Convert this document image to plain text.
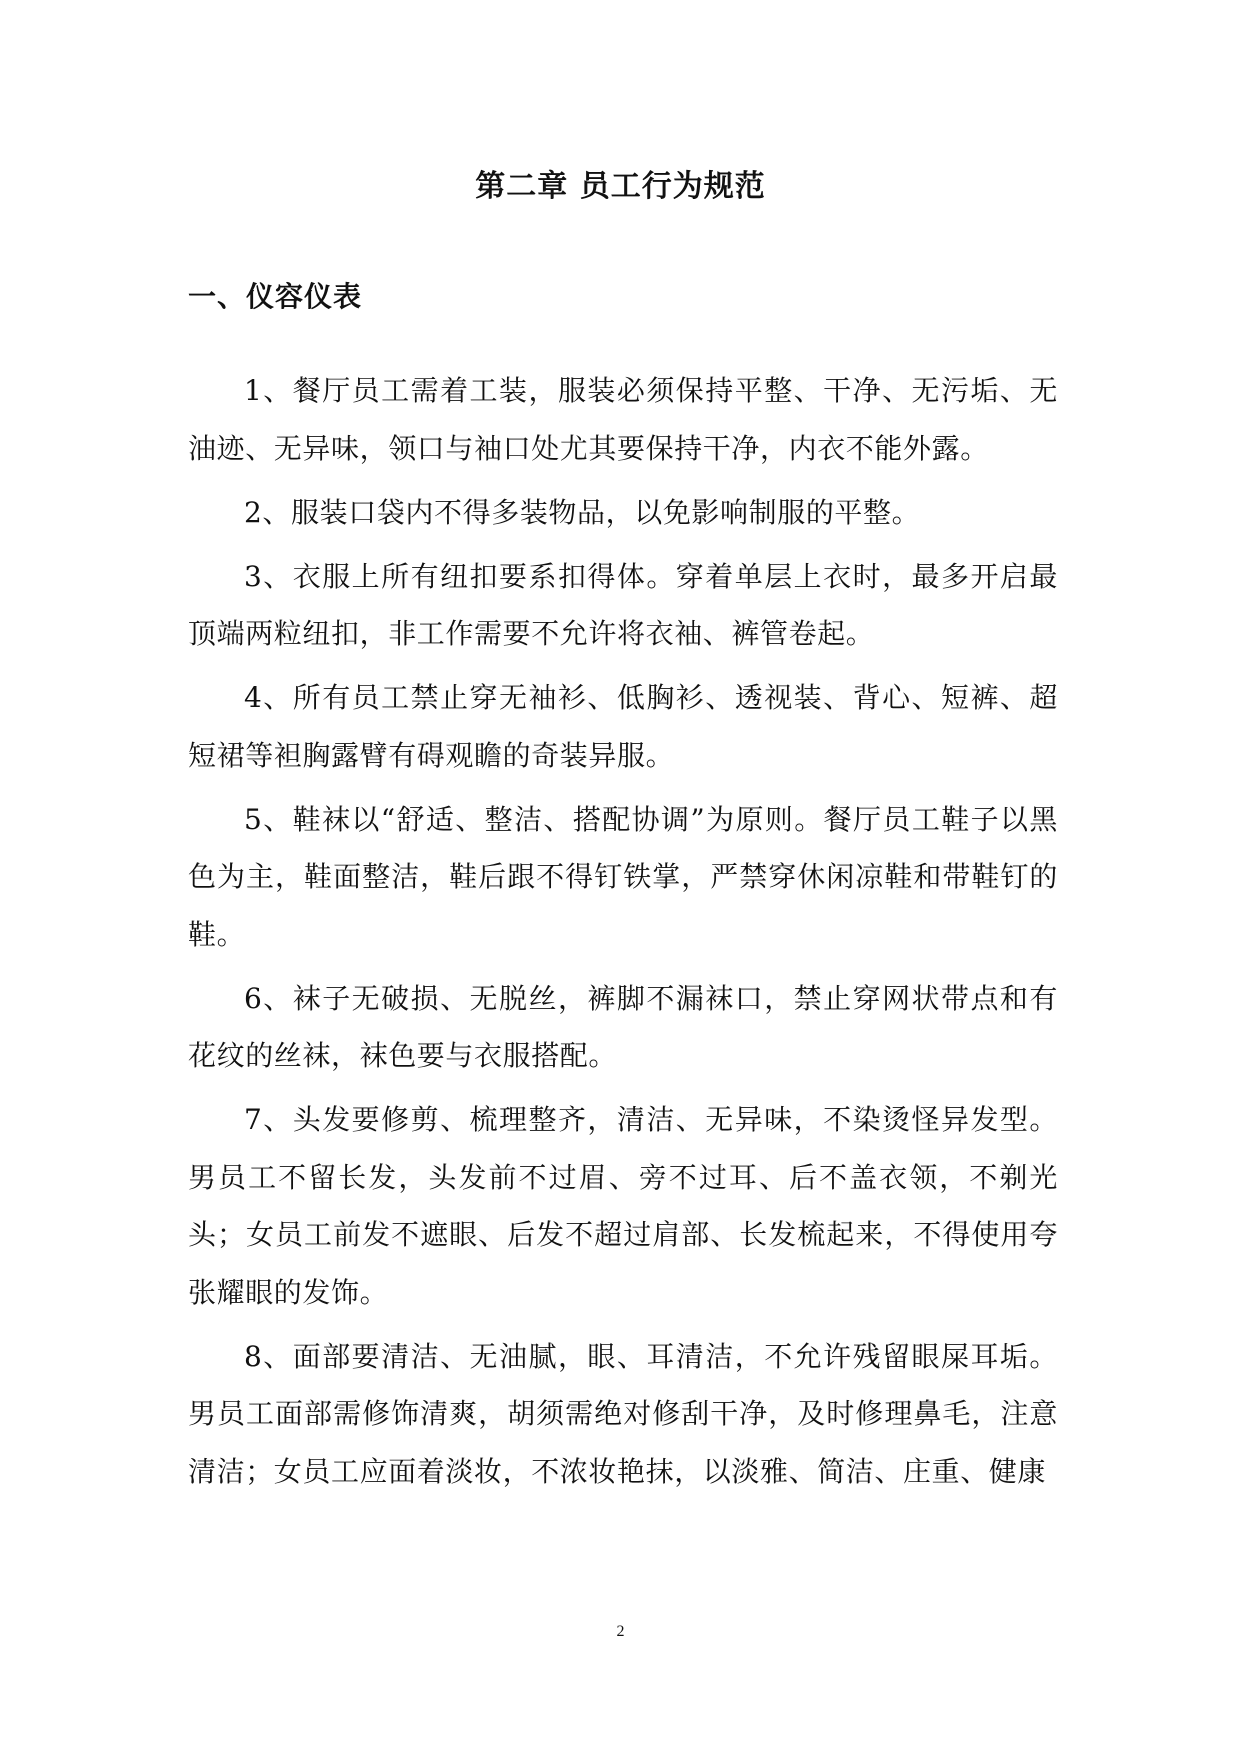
第二章 员工行为规范
一、仪容仪表

1、餐厅员工需着工装，服装必须保持平整、干净、无污垢、无油迹、无异味，领口与袖口处尤其要保持干净，内衣不能外露。

2、服装口袋内不得多装物品，以免影响制服的平整。

3、衣服上所有纽扣要系扣得体。穿着单层上衣时，最多开启最顶端两粒纽扣，非工作需要不允许将衣袖、裤管卷起。

4、所有员工禁止穿无袖衫、低胸衫、透视装、背心、短裤、超短裙等袒胸露臂有碍观瞻的奇装异服。

5、鞋袜以“舒适、整洁、搭配协调”为原则。餐厅员工鞋子以黑色为主，鞋面整洁，鞋后跟不得钉铁掌，严禁穿休闲凉鞋和带鞋钉的鞋。

6、袜子无破损、无脱丝，裤脚不漏袜口，禁止穿网状带点和有花纹的丝袜，袜色要与衣服搭配。

7、头发要修剪、梳理整齐，清洁、无异味，不染烫怪异发型。男员工不留长发，头发前不过眉、旁不过耳、后不盖衣领，不剃光头；女员工前发不遮眼、后发不超过肩部、长发梳起来，不得使用夸张耀眼的发饰。

8、面部要清洁、无油腻，眼、耳清洁，不允许残留眼屎耳垢。男员工面部需修饰清爽，胡须需绝对修刮干净，及时修理鼻毛，注意清洁；女员工应面着淡妆，不浓妆艳抹，以淡雅、简洁、庄重、健康

2
